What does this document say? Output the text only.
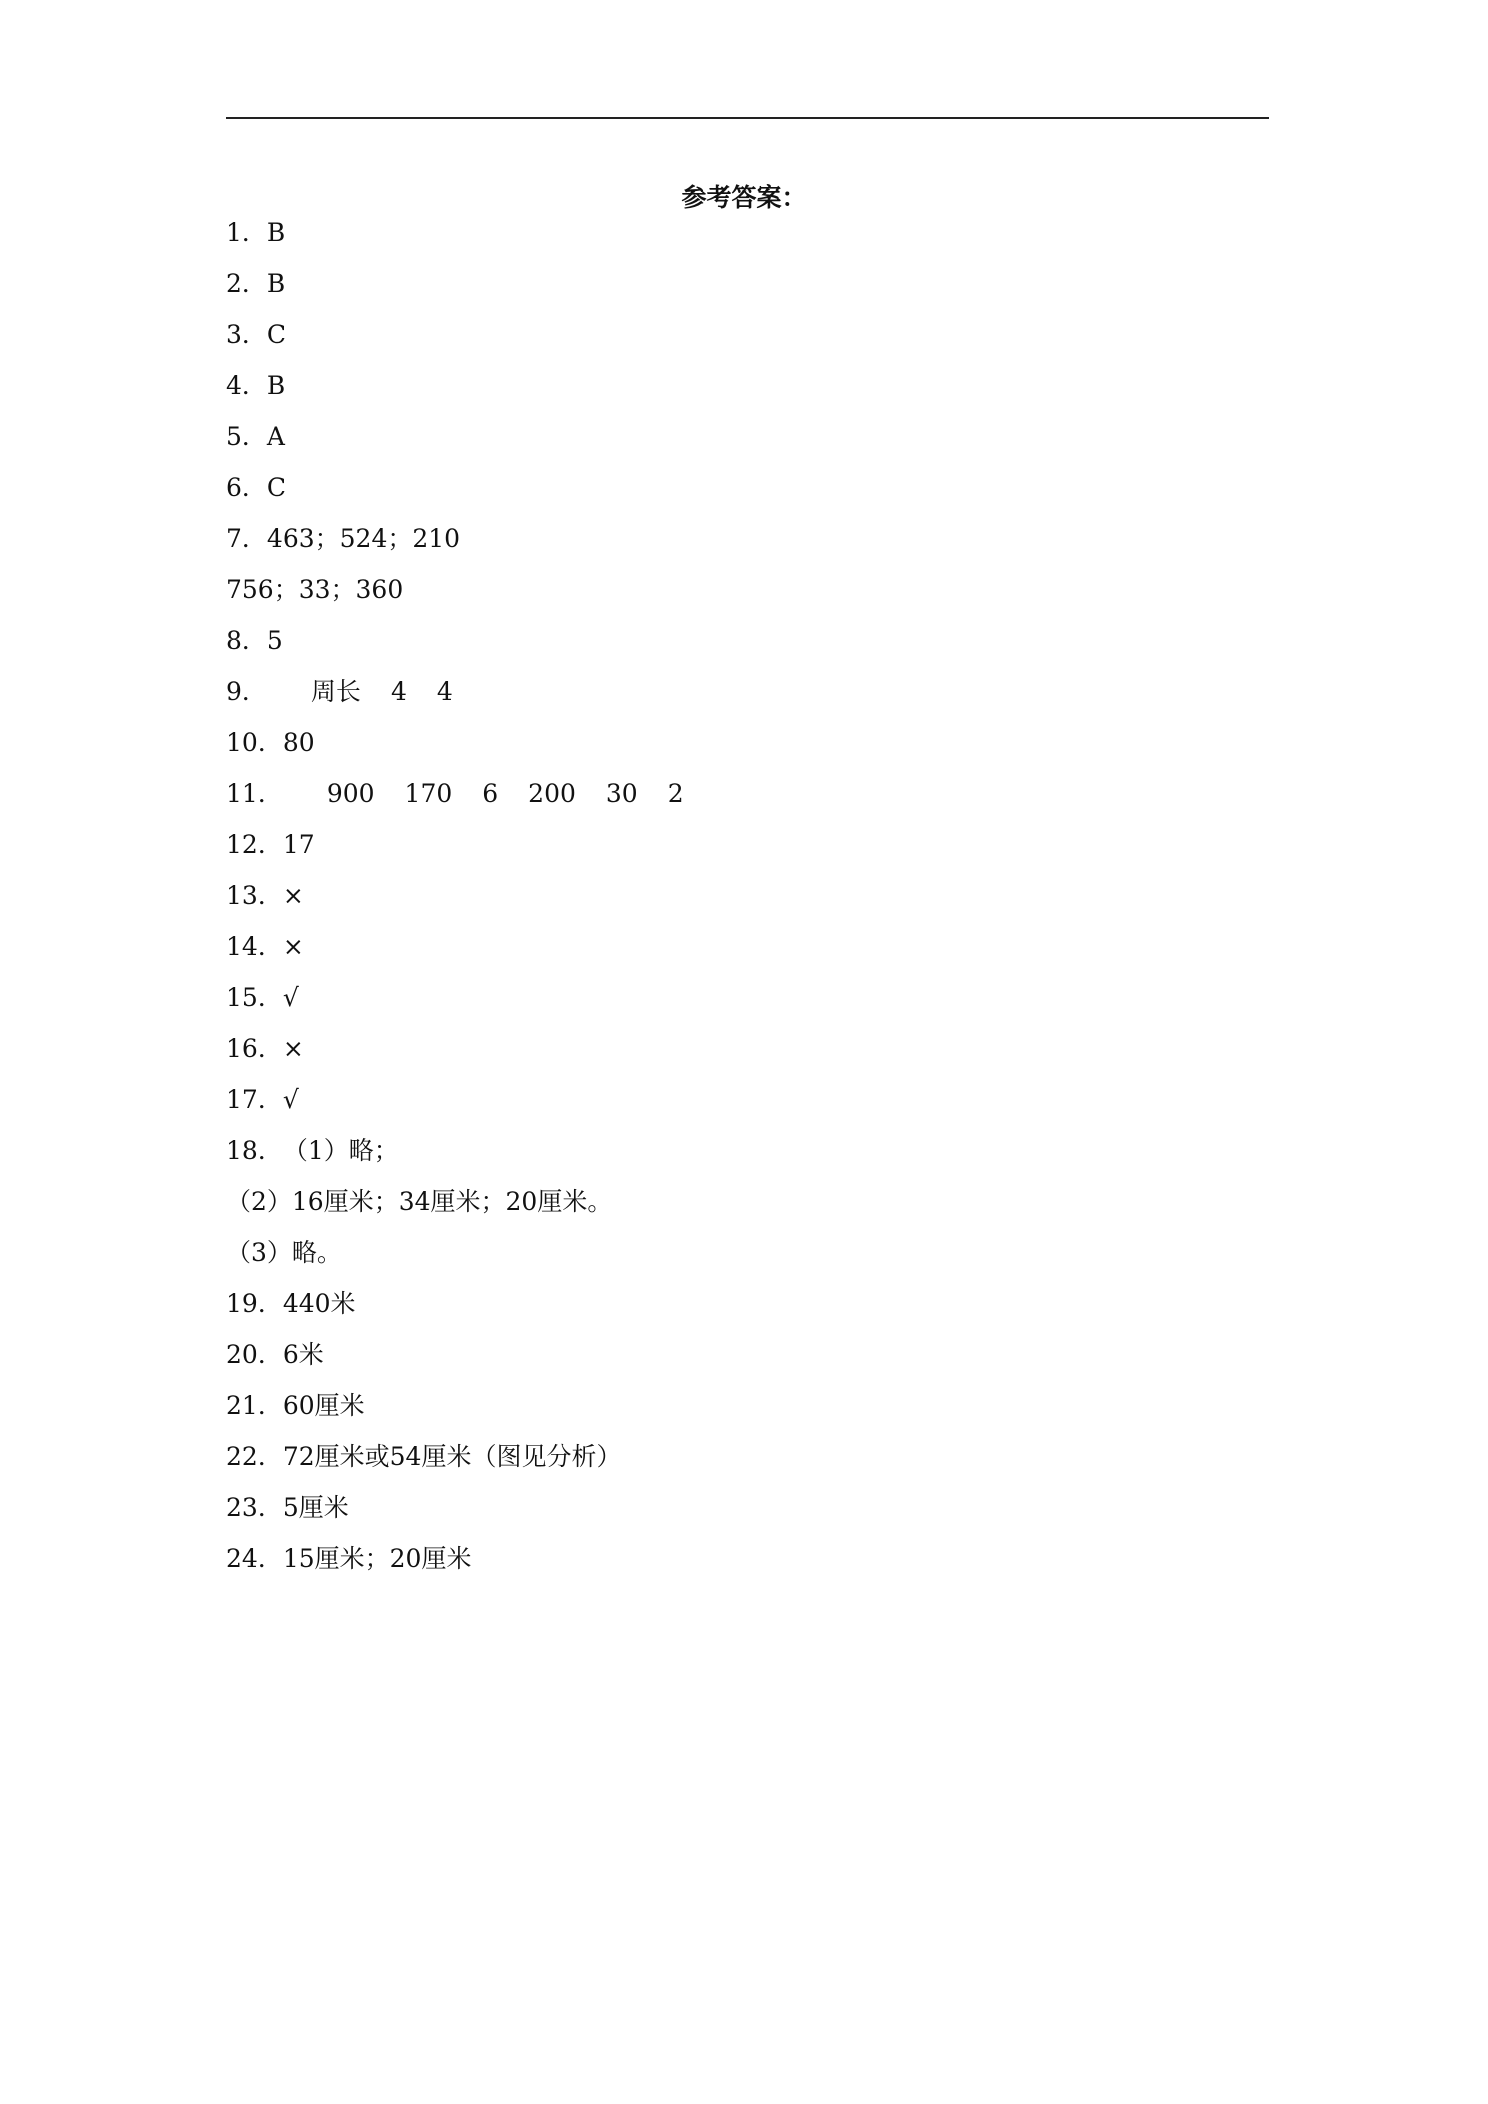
参考答案：
1 ． B
2 ． B
3 ． C
4 ． B
5 ． A
6 ． C
7 ． 463；524；210
756；33；360
8 ． 5
9 ． 周长 4 4
10 ． 80
11 ． 900 170 6 200 30 2
12 ． 17
13 ． ×
14 ． ×
15 ． √
16 ． ×
17 ． √
18 ． （1）略；
（2）16厘米；34厘米；20厘米。
（3）略。
19 ． 440米
20 ． 6米
21 ． 60厘米
22 ． 72厘米或54厘米（图见分析）
23 ． 5厘米
24 ． 15厘米；20厘米
